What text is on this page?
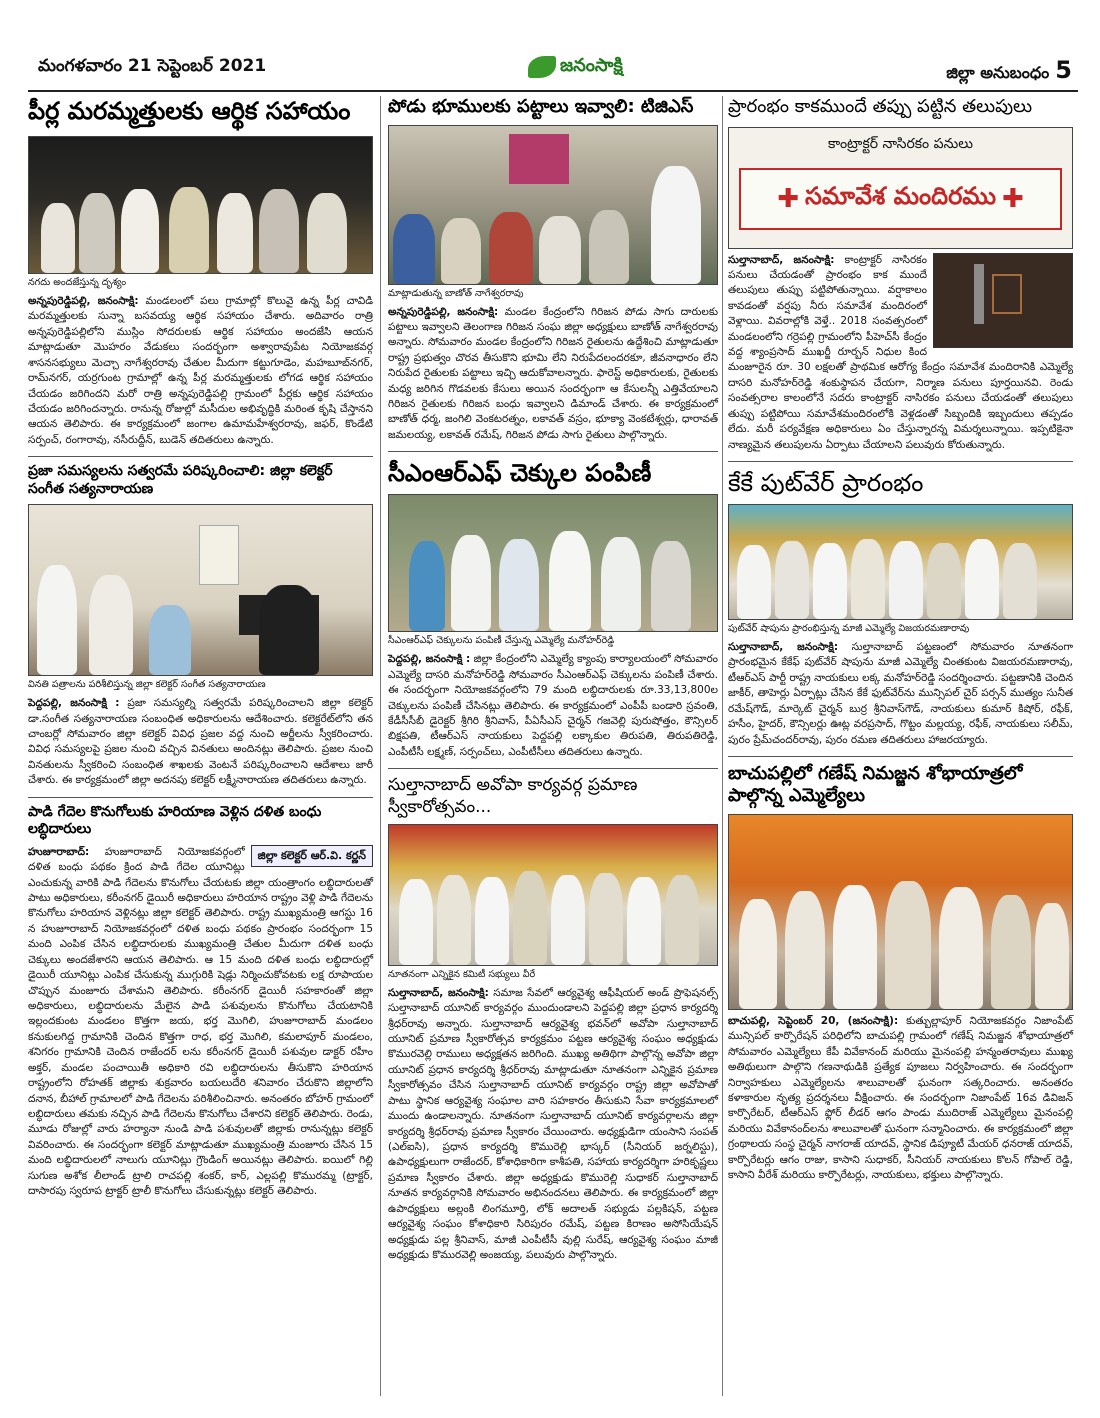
మంగళవారం 21 సెప్టెంబర్ 2021	జనంసాక్షి	జిల్లా అనుబంధం 5
పీర్ల మరమ్మత్తులకు ఆర్థిక సహాయం
నగదు అందజేస్తున్న దృశ్యం

అన్నపురెడ్డిపల్లి, జనంసాక్షి: మండలంలో పలు గ్రామాల్లో కొలువై ఉన్న పీర్ల చావిడి మరమ్మత్తులకు సున్నా బసవయ్య ఆర్థిక సహాయం చేశారు. అదివారం రాత్రి అన్నపురెడ్డిపల్లిలోని ముస్లిం సోదరులకు ఆర్థిక సహాయం అందజేసి ఆయన మాట్లాడుతూ మొహరం వేడుకలు సందర్భంగా అశ్వారావుపేట నియోజకవర్గ శాసనసభ్యులు మెచ్చా నాగేశ్వరరావు చేతుల మీదుగా కట్టుగూడెం, మహబూబ్‌నగర్, రామ్‌నగర్, యర్రగుంట గ్రామాల్లో ఉన్న పీర్ల మరమ్మత్తులకు లోగడ ఆర్థిక సహాయం చేయడం జరిగిందని మరో రాత్రి అన్నపురెడ్డిపల్లి గ్రామంలో పీర్లకు ఆర్థిక సహాయం చేయడం జరిగిందన్నారు. రానున్న రోజుల్లో మసీదుల అభివృద్ధికి మరింత కృషి చేస్తానని ఆయన తెలిపారు. ఈ కార్యక్రమంలో జంగాల ఉమామహేశ్వరరావు, జఫర్, కొండేటి సర్పంచ్, రంగారావు, నసీరుద్దీన్, బుడెన్ తదితరులు ఉన్నారు.

ప్రజా సమస్యలను సత్వరమే పరిష్కరించాలి: జిల్లా కలెక్టర్ సంగీత సత్యనారాయణ
వినతి పత్రాలను పరిశీలిస్తున్న జిల్లా కలెక్టర్ సంగీత సత్యనారాయణ

పెద్దపల్లి, జనంసాక్షి : ప్రజా సమస్యల్ని సత్వరమే పరిష్కరించాలని జిల్లా కలెక్టర్ డా.సంగీత సత్యనారాయణ సంబంధిత అధికారులను ఆదేశించారు. కలెక్టరేట్‌లోని తన చాంబర్లో సోమవారం జిల్లా కలెక్టర్ వివిధ ప్రజల వద్ద నుంచి అర్జీలను స్వీకరించారు. వివిధ సమస్యలపై ప్రజల నుంచి వచ్చిన వినతులు అందినట్లు తెలిపారు. ప్రజల నుంచి వినతులను స్వీకరించి సంబంధిత శాఖలకు వెంటనే పరిష్కరించాలని ఆదేశాలు జారీ చేశారు. ఈ కార్యక్రమంలో జిల్లా అదనపు కలెక్టర్ లక్ష్మీనారాయణ తదితరులు ఉన్నారు.

పాడి గేదెల కొనుగోలుకు హరియాణ వెళ్లిన దళిత బంధు లబ్ధిదారులు
జిల్లా కలెక్టర్ ఆర్.వి. కర్ణన్
హుజూరాబాద్: హుజూరాబాద్ నియోజకవర్గంలో దళిత బంధు పథకం క్రింద పాడి గేదెల యూనిట్లు ఎంచుకున్న వారికి పాడి గేదెలను కొనుగోలు చేయటకు జిల్లా యంత్రాంగం లబ్ధిదారులతో పాటు అధికారులు, కరీంనగర్ డైయిరీ అధికారులు హరియాన రాష్ట్రం వెళ్లి పాడి గేదెలను కొనుగోలు హరియాన వెళ్లినట్లు జిల్లా కలెక్టర్ తెలిపారు. రాష్ట్ర ముఖ్యమంత్రి ఆగస్టు 16 న హుజూరాబాద్ నియోజకవర్గంలో దళిత బంధు పథకం ప్రారంభం సందర్భంగా 15 మంది ఎంపిక చేసిన లబ్ధిదారులకు ముఖ్యమంత్రి చేతుల మీదుగా దళిత బంధు చెక్కులు అందజేశారని ఆయన తెలిపారు. ఆ 15 మంది దళిత బంధు లబ్ధిదారుల్లో డైయిరీ యూనిట్లు ఎంపిక చేసుకున్న ముగ్గురికి షెడ్లు నిర్మించుకోవటకు లక్ష రూపాయల చొప్పున మంజూరు చేశామని తెలిపారు. కరీంనగర్ డైయిరీ సహకారంతో జిల్లా అధికారులు, లబ్ధిదారులను మేలైన పాడి పశువులను కొనుగోలు చేయటానికి ఇల్లందకుంట మండలం కొత్తగా జయ, భర్త మొగిలి, హుజూరాబాద్ మండలం కనుకులగిద్ద గ్రామానికి చెందిన కొత్తగా రాధ, భర్త మొగిలి, కమలాపూర్ మండలం, శనిగరం గ్రామానికి చెందిన రాజేందర్ లను కరీంనగర్ డైయిరీ పశువుల డాక్టర్ రహీం అక్తర్, మండల పంచాయితీ అధికారి రవి లబ్ధిదారులను తీసుకొని హరియాన రాష్ట్రంలోని రోహతక్ జిల్లాకు శుక్రవారం బయలుదేరి శనివారం చేరుకొని జిల్లాలోని దనాన, బీహాల్ గ్రామాలలో పాడి గేదెలను పరిశీలించినారు. అనంతరం బోహర్ గ్రామంలో లబ్ధిదారులు తమకు నచ్చిన పాడి గేదెలను కొనుగోలు చేశారని కలెక్టర్ తెలిపారు. రెండు, మూడు రోజుల్లో వారు హర్యానా నుండి పాడి పశువులతో జిల్లాకు రానున్నట్లు కలెక్టర్ వివరించారు. ఈ సందర్భంగా కలెక్టర్ మాట్లాడుతూ ముఖ్యమంత్రి మంజూరు చేసిన 15 మంది లబ్ధిదారులలో నాలుగు యూనిట్లు గ్రౌండింగ్ అయినట్లు తెలిపారు. ఐయిలో గిల్లి సుగుణ అశోక లీలాండ్ ట్రాలి రాచపల్లి శంకర్, కార్, ఎల్లపల్లి కొమురమ్మ (ట్రాక్టర్, దాసారపు స్వరూప ట్రాక్టర్ ట్రాలీ కొనుగోలు చేసుకున్నట్లు కలెక్టర్ తెలిపారు.
పోడు భూములకు పట్టాలు ఇవ్వాలి: టిజిఎస్
మాట్లాడుతున్న బాణోత్ నాగేశ్వరరావు

అన్నపురెడ్డిపల్లి, జనంసాక్షి: మండల కేంద్రంలోని గిరిజన పోడు సాగు దారులకు పట్టాలు ఇవ్వాలని తెలంగాణ గిరిజన సంఘ జిల్లా అధ్యక్షులు బాణోత్ నాగేశ్వరరావు అన్నారు. సోమవారం మండల కేంద్రంలోని గిరిజన రైతులను ఉద్దేశించి మాట్లాడుతూ రాష్ట్ర ప్రభుత్వం చొరవ తీసుకొని భూమి లేని నిరుపేదలందరకూ, జీవనాధారం లేని నిరుపేద రైతులకు పట్టాలు ఇచ్చి ఆదుకోవాలన్నారు. ఫారెస్ట్ అధికారులకు, రైతులకు మధ్య జరిగిన గొడవలకు కేసులు అయిన సందర్భంగా ఆ కేసులన్నీ ఎత్తివేయాలని గిరిజన రైతులకు గిరిజన బంధు ఇవ్వాలని డిమాండ్ చేశారు. ఈ కార్యక్రమంలో బాణోత్ ధర్మ, జంగిలి వెంకటరత్నం, లకావత్ వస్రం, భూక్యా వెంకటేశ్వర్లు, ధారావత్ జమలయ్య, లకావత్ రమేష్, గిరిజన పోడు సాగు రైతులు పాల్గొన్నారు.

సీఎంఆర్ఎఫ్ చెక్కుల పంపిణీ
సీఎంఆర్ఎఫ్ చెక్కులను పంపిణీ చేస్తున్న ఎమ్మెల్యే మనోహర్‌రెడ్డి

పెద్దపల్లి, జనంసాక్షి : జిల్లా కేంద్రంలోని ఎమ్మెల్యే క్యాంపు కార్యాలయంలో సోమవారం ఎమ్మెల్యే దాసరి మనోహర్‌రెడ్డి సోమవారం సీఎంఆర్ఎఫ్ చెక్కులను పంపిణీ చేశారు. ఈ సందర్భంగా నియోజకవర్గంలోని 79 మంది లబ్ధిదారులకు రూ.33,13,800ల చెక్కులను పంపిణీ చేసినట్లు తెలిపారు. ఈ కార్యక్రమంలో ఎంపీపీ బండారి స్రవంతి, కేడీసీసీబీ డైరెక్టర్ శ్రీగిరి శ్రీనివాస్, పీఏసీఎస్ చైర్మన్ గజవెల్లి పురుషోత్తం, కౌన్సిలర్ బిక్షపతి, టీఆర్ఎస్ నాయకులు పెద్దపల్లి లక్కాకుల తిరుపతి, తిరుపతిరెడ్డి, ఎంపీటీసీ లక్ష్మణ్, సర్పంచ్‌లు, ఎంపీటీసీలు తదితరులు ఉన్నారు.

సుల్తానాబాద్ అవోపా కార్యవర్గ ప్రమాణ స్వీకారోత్సవం...
నూతనంగా ఎన్నికైన కమిటీ సభ్యులు వీరే

సుల్తానాబాద్, జనంసాక్షి: సమాజ సేవలో ఆర్యవైశ్య ఆఫీషియల్ అండ్ ప్రొఫెషనల్స్ సుల్తానాబాద్ యూనిట్ కార్యవర్గం ముందుండాలని పెద్దపల్లి జిల్లా ప్రధాన కార్యదర్శి శ్రీధర్‌రావు అన్నారు. సుల్తానాబాద్ ఆర్యవైశ్య భవన్‌లో అవోపా సుల్తానాబాద్ యూనిట్ ప్రమాణ స్వీకారోత్సవ కార్యక్రమం పట్టణ ఆర్యవైశ్య సంఘం అధ్యక్షుడు కొమురవెల్లి రాములు అధ్యక్షతన జరిగింది. ముఖ్య అతిథిగా పాల్గొన్న అవోపా జిల్లా యూనిట్ ప్రధాన కార్యదర్శి శ్రీధర్‌రావు మాట్లాడుతూ నూతనంగా ఎన్నికైన ప్రమాణ స్వీకారోత్సవం చేసిన సుల్తానాబాద్ యూనిట్ కార్యవర్గం రాష్ట్ర జిల్లా అవోపాతో పాటు స్థానిక ఆర్యవైశ్య సంఘాల వారి సహకారం తీసుకుని సేవా కార్యక్రమాలలో ముందు ఉండాలన్నారు. నూతనంగా సుల్తానాబాద్ యూనిట్ కార్యవర్గాలను జిల్లా కార్యదర్శి శ్రీధర్‌రావు ప్రమాణ స్వీకారం చేయించారు. అధ్యక్షుడిగా యంసాని సంపత్ (ఎల్ఐసి), ప్రధాన కార్యదర్శి కొమురెల్లి భాస్కర్ (సీనియర్ జర్నలిస్టు), ఉపాధ్యక్షులుగా రాజేందర్, కోశాధికారిగా కాశీపతి, సహాయ కార్యదర్శిగా హరికృష్ణలు ప్రమాణ స్వీకారం చేశారు. జిల్లా అధ్యక్షుడు కొమురెల్లి సుధాకర్ సుల్తానాబాద్ నూతన కార్యవర్గానికి సోమవారం అభినందనలు తెలిపారు. ఈ కార్యక్రమంలో జిల్లా ఉపాధ్యక్షులు అల్లంకి లింగమూర్తి, లోక్ అదాలత్ సభ్యుడు పల్లకిషన్, పట్టణ ఆర్యవైశ్య సంఘం కోశాధికారి సిరిపురం రమేష్, పట్టణ కిరాణం అసోసియేషన్ అధ్యక్షుడు పల్ల శ్రీనివాస్, మాజీ ఎంపీటీసీ వుల్లి సురేష్, ఆర్యవైశ్య సంఘం మాజీ అధ్యక్షుడు కొమురవెల్లి అంజయ్య, పలువురు పాల్గొన్నారు.

ప్రారంభం కాకముందే తప్పు పట్టిన తలుపులు
కాంట్రాక్టర్ నాసిరకం పనులు
✚ సమావేశ మందిరము ✚
సుల్తానాబాద్, జనంసాక్షి: కాంట్రాక్టర్ నాసిరకం పనులు చేయడంతో ప్రారంభం కాక ముందే తలుపులు తుప్పు పట్టిపోతున్నాయి. వర్షాకాలం కావడంతో వర్షపు నీరు సమావేశ మందిరంలో వెళ్లాయి. వివరాల్లోకి వెళ్తే.. 2018 సంవత్సరంలో మండలంలోని గర్రెపల్లి గ్రామంలోని పీహెచ్‌సీ కేంద్రం వద్ద శ్యాంప్రసాద్ ముఖర్జీ రూర్బన్ నిధుల కింద మంజూరైన రూ. 30 లక్షలతో ప్రాథమిక ఆరోగ్య కేంద్రం సమావేశ మందిరానికి ఎమ్మెల్యే దాసరి మనోహర్‌రెడ్డి శంకుస్థాపన చేయగా, నిర్మాణ పనులు పూర్తయినవి. రెండు సంవత్సరాల కాలంలోనే సదరు కాంట్రాక్టర్ నాసిరకం పనులు చేయడంతో తలుపులు తుప్పు పట్టిపోయి సమావేశమందిరంలోకి వెళ్లడంతో సిబ్బందికి ఇబ్బందులు తప్పడం లేదు. మరీ పర్యవేక్షణ అధికారులు ఏం చేస్తున్నారన్న విమర్శలున్నాయి. ఇప్పటికైనా నాణ్యమైన తలుపులను ఏర్పాటు చేయాలని పలువురు కోరుతున్నారు.
కేకే పుట్‌వేర్ ప్రారంభం
పుట్‌వేర్ షాపును ప్రారంభిస్తున్న మాజీ ఎమ్మెల్యే విజయరమణారావు

సుల్తానాబాద్, జనంసాక్షి: సుల్తానాబాద్ పట్టణంలో సోమవారం నూతనంగా ప్రారంభమైన కేకేఫ్ పుట్‌వేర్ షాపును మాజీ ఎమ్మెల్యే చింతకుంట విజయరమణారావు, టీఆర్ఎస్ పార్టీ రాష్ట్ర నాయకులు లక్క మనోహర్‌రెడ్డి సందర్శించారు. పట్టణానికి చెందిన జాకీర్, తాహెర్లు ఏర్పాట్లు చేసిన కేకే ఫుట్‌వేర్‌ను మున్సిపల్ చైర్ పర్సన్ ముత్యం సునీత రమేష్‌గౌడ్, మార్కెట్ చైర్మన్ బుర్ర శ్రీనివాస్‌గౌడ్, నాయకులు కుమార్ కిషోర్, రఫీక్, హసీం, హైదర్, కౌన్సిలర్లు ఊట్ల వరప్రసాద్, గొట్టం మల్లయ్య, రఫీక్, నాయకులు సలీమ్, పురం ప్రేమ్‌చందర్‌రావు, పురం రమణ తదితరులు హాజరయ్యారు.

బాచుపల్లిలో గణేష్ నిమజ్జన శోభాయాత్రలో పాల్గొన్న ఎమ్మెల్యేలు

బాచుపల్లి, సెప్టెంబర్ 20, (జనంసాక్షి): కుత్బుల్లాపూర్ నియోజకవర్గం నిజాంపేట్ మున్సిపల్ కార్పొరేషన్ పరిధిలోని బాచుపల్లి గ్రామంలో గణేష్ నిమజ్జన శోభాయాత్రలో సోమవారం ఎమ్మెల్యేలు కేపీ వివేకానంద్ మరియు మైనంపల్లి హన్మంతరావులు ముఖ్య అతిథులుగా పాల్గొని గణనాథుడికి ప్రత్యేక పూజలు నిర్వహించారు. ఈ సందర్భంగా నిర్వాహకులు ఎమ్మెల్యేలను శాలువాలతో ఘనంగా సత్కరించారు. అనంతరం కళాకారుల నృత్య ప్రదర్శనలు వీక్షించారు. ఈ సందర్భంగా నిజాంపేట్ 16వ డివిజన్ కార్పొరేటర్, టీఆర్ఎస్ ఫ్లోర్ లీడర్ ఆగం పాండు ముదిరాజ్ ఎమ్మెల్యేలు మైనంపల్లి మరియు వివేకానంద్‌లను శాలువాలతో ఘనంగా సన్మానించారు. ఈ కార్యక్రమంలో జిల్లా గ్రంథాలయ సంస్థ చైర్మన్ నాగరాజ్ యాదవ్, స్థానిక డిప్యూటీ మేయర్ ధనరాజ్ యాదవ్, కార్పొరేటర్లు ఆగం రాజు, కాసాని సుధాకర్, సీనియర్ నాయకులు కొలన్ గోపాల్ రెడ్డి, కాసాని వీరేశ్ మరియు కార్పొరేటర్లు, నాయకులు, భక్తులు పాల్గొన్నారు.
